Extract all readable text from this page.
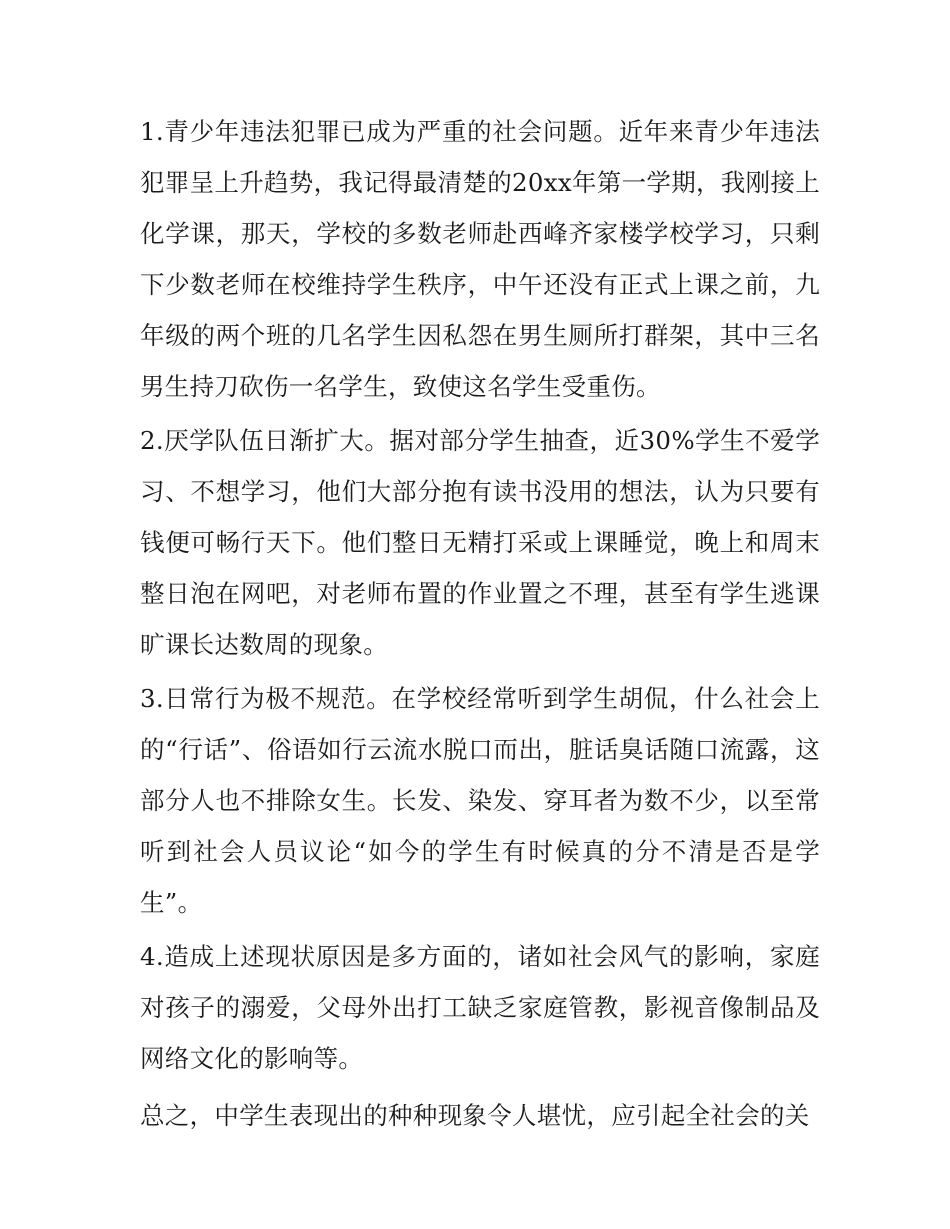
1.青少年违法犯罪已成为严重的社会问题。近年来青少年违法犯罪呈上升趋势，我记得最清楚的20xx年第一学期，我刚接上化学课，那天，学校的多数老师赴西峰齐家楼学校学习，只剩下少数老师在校维持学生秩序，中午还没有正式上课之前，九年级的两个班的几名学生因私怨在男生厕所打群架，其中三名男生持刀砍伤一名学生，致使这名学生受重伤。

2.厌学队伍日渐扩大。据对部分学生抽查，近30%学生不爱学习、不想学习，他们大部分抱有读书没用的想法，认为只要有钱便可畅行天下。他们整日无精打采或上课睡觉，晚上和周末整日泡在网吧，对老师布置的作业置之不理，甚至有学生逃课旷课长达数周的现象。

3.日常行为极不规范。在学校经常听到学生胡侃，什么社会上的“行话”、俗语如行云流水脱口而出，脏话臭话随口流露，这部分人也不排除女生。长发、染发、穿耳者为数不少，以至常听到社会人员议论“如今的学生有时候真的分不清是否是学生”。

4.造成上述现状原因是多方面的，诸如社会风气的影响，家庭对孩子的溺爱，父母外出打工缺乏家庭管教，影视音像制品及网络文化的影响等。

总之，中学生表现出的种种现象令人堪忧，应引起全社会的关
